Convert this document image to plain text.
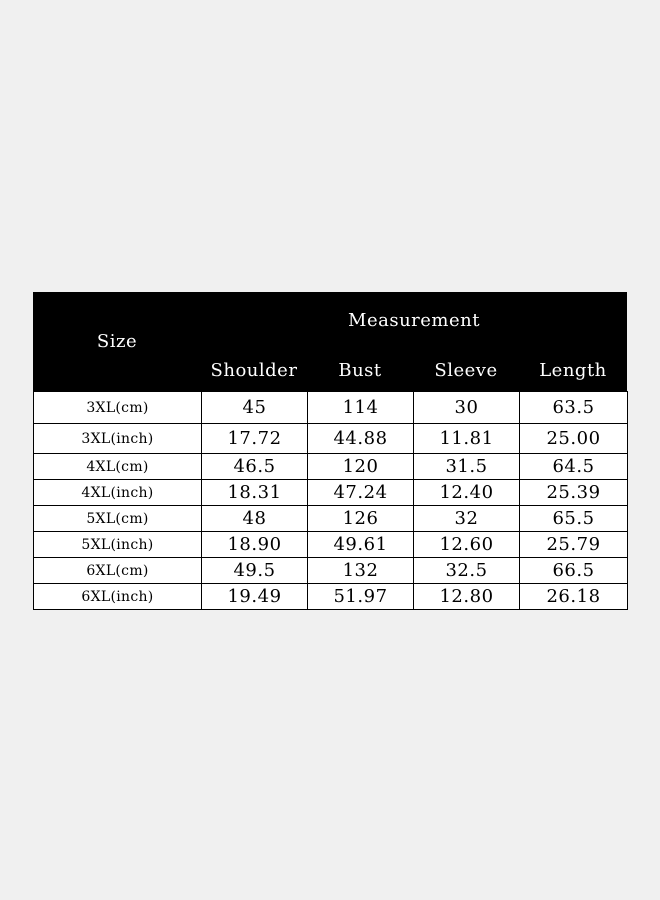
Size
Measurement
Shoulder	Bust	Sleeve	Length
3XL(cm)	45	114	30	63.5
3XL(inch)	17.72	44.88	11.81	25.00
4XL(cm)	46.5	120	31.5	64.5
4XL(inch)	18.31	47.24	12.40	25.39
5XL(cm)	48	126	32	65.5
5XL(inch)	18.90	49.61	12.60	25.79
6XL(cm)	49.5	132	32.5	66.5
6XL(inch)	19.49	51.97	12.80	26.18
